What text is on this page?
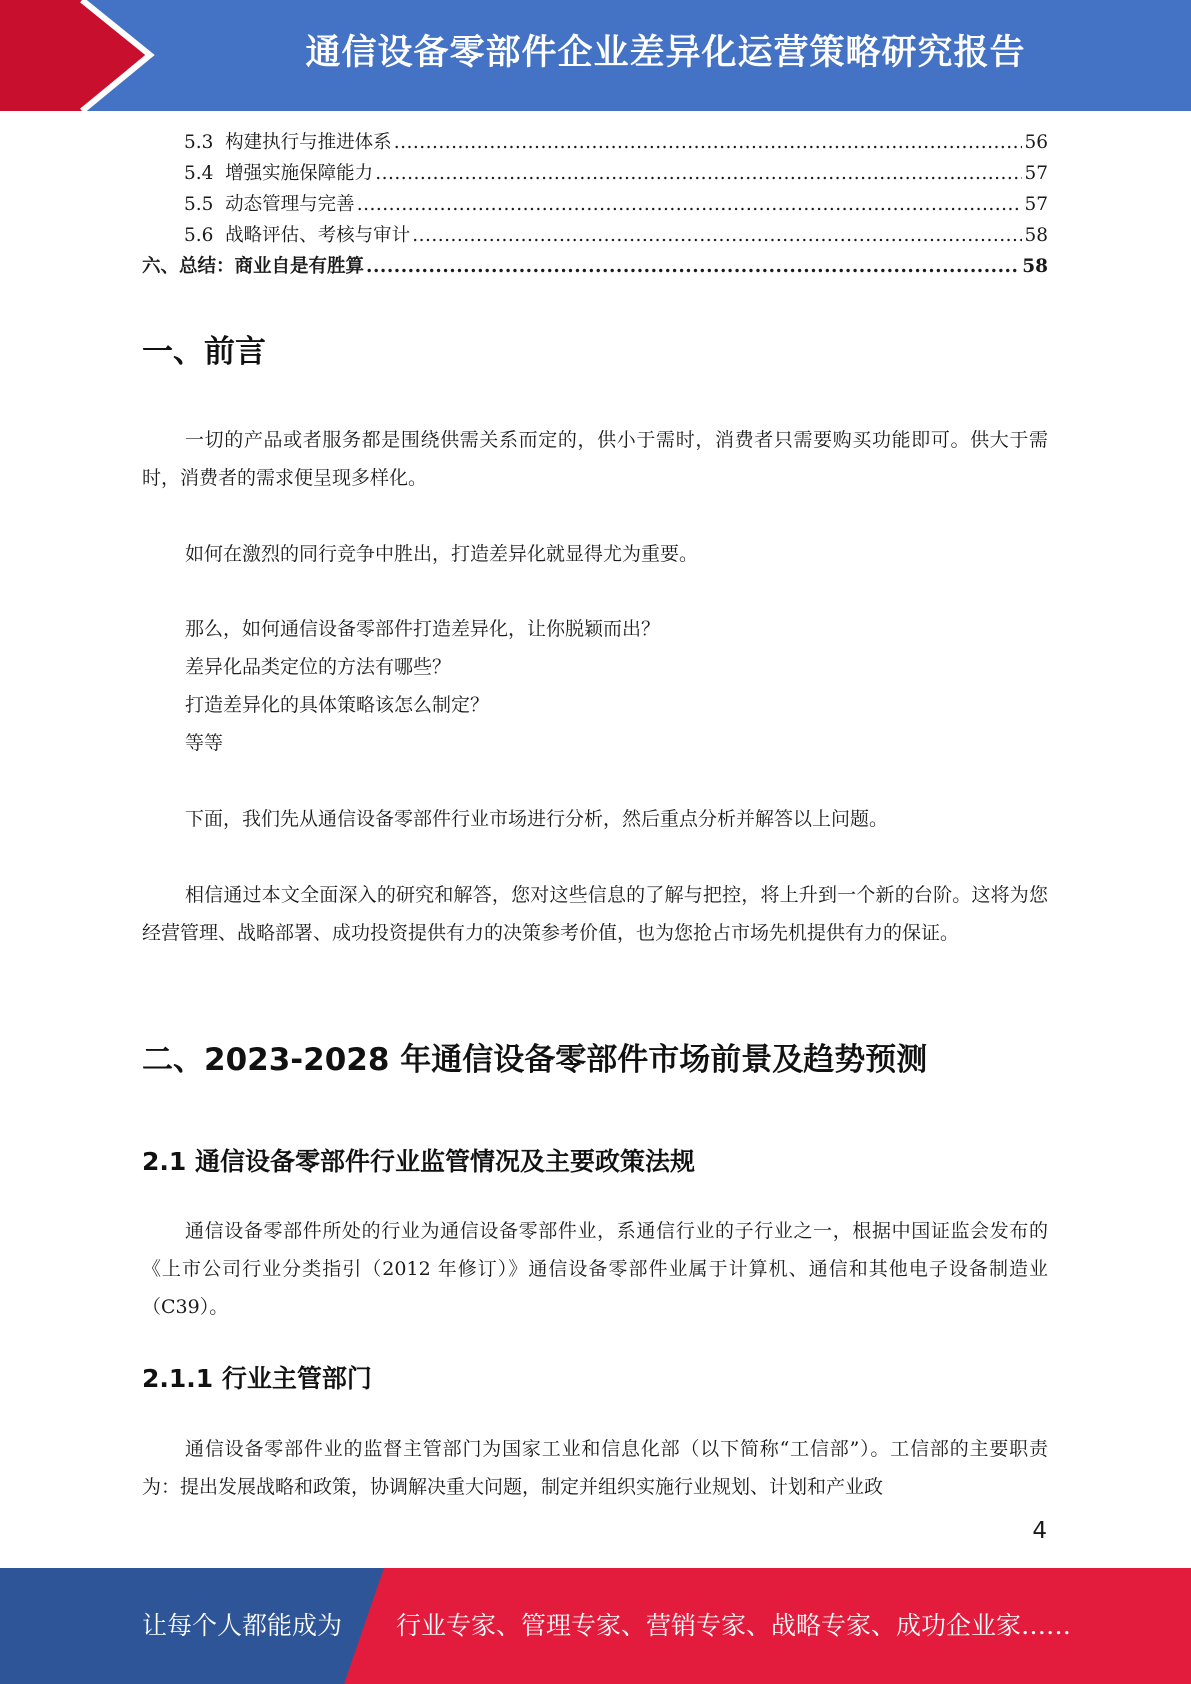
通信设备零部件企业差异化运营策略研究报告
5.3  构建执行与推进体系 .....	56
5.4  增强实施保障能力 .....	57
5.5  动态管理与完善 .....	57
5.6  战略评估、考核与审计 .....	58
六、总结：商业自是有胜算 .....	58
一、前言

一切的产品或者服务都是围绕供需关系而定的，供小于需时，消费者只需要购买功能即可。供大于需时，消费者的需求便呈现多样化。

如何在激烈的同行竞争中胜出，打造差异化就显得尤为重要。

那么，如何通信设备零部件打造差异化，让你脱颖而出？

差异化品类定位的方法有哪些？

打造差异化的具体策略该怎么制定？

等等

下面，我们先从通信设备零部件行业市场进行分析，然后重点分析并解答以上问题。

相信通过本文全面深入的研究和解答，您对这些信息的了解与把控，将上升到一个新的台阶。这将为您经营管理、战略部署、成功投资提供有力的决策参考价值，也为您抢占市场先机提供有力的保证。

二、2023-2028 年通信设备零部件市场前景及趋势预测
2.1 通信设备零部件行业监管情况及主要政策法规

通信设备零部件所处的行业为通信设备零部件业，系通信行业的子行业之一，根据中国证监会发布的《上市公司行业分类指引（2012 年修订）》通信设备零部件业属于计算机、通信和其他电子设备制造业（C39）。

2.1.1 行业主管部门

通信设备零部件业的监督主管部门为国家工业和信息化部（以下简称“工信部”）。工信部的主要职责为：提出发展战略和政策，协调解决重大问题，制定并组织实施行业规划、计划和产业政

4
让每个人都能成为 行业专家、管理专家、营销专家、战略专家、成功企业家……
